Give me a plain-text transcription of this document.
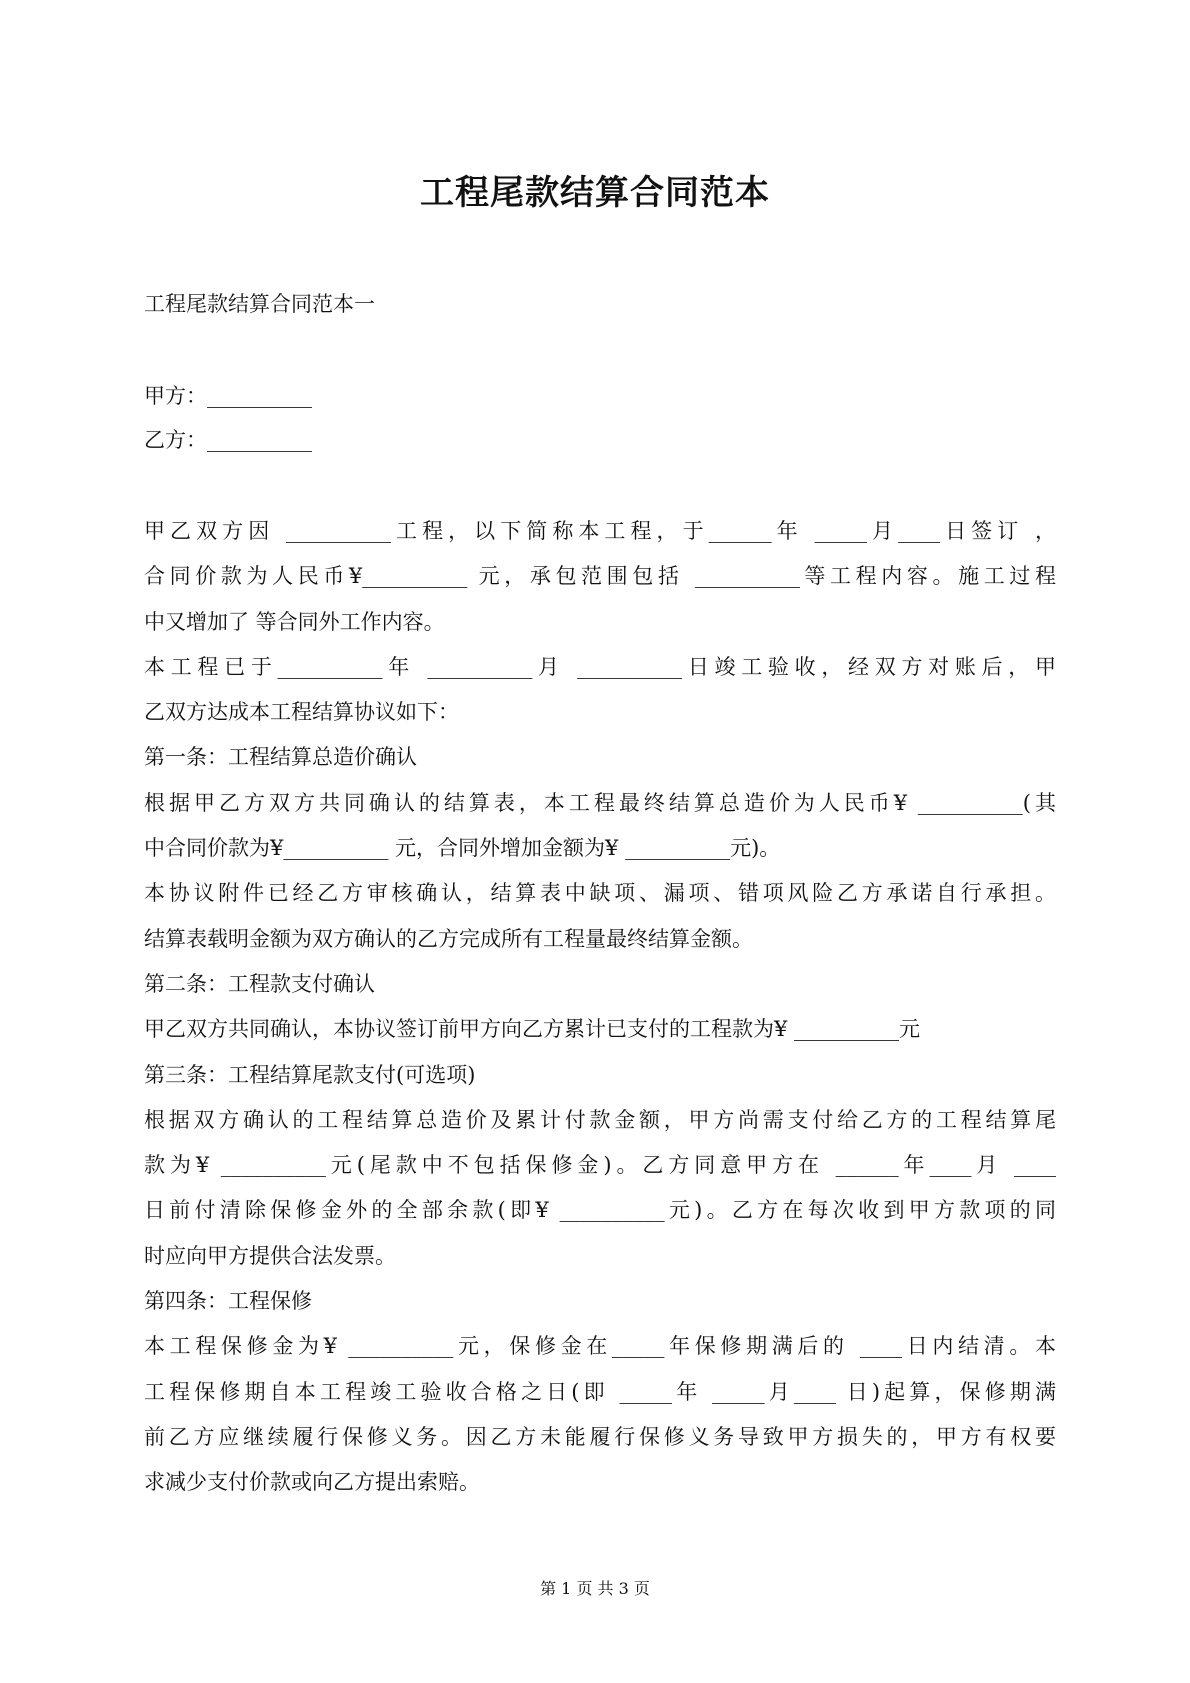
工程尾款结算合同范本
工程尾款结算合同范本一
甲方：__________
乙方：__________
甲乙双方因 __________工程，以下简称本工程，于______年 _____月____日签订 ，
合同价款为人民币¥__________ 元，承包范围包括 __________等工程内容。施工过程
中又增加了 等合同外工作内容。
本工程已于__________年 __________月 __________日竣工验收，经双方对账后，甲
乙双方达成本工程结算协议如下：
第一条：工程结算总造价确认
根据甲乙方双方共同确认的结算表，本工程最终结算总造价为人民币¥ __________(其
中合同价款为¥__________ 元，合同外增加金额为¥ __________元)。
本协议附件已经乙方审核确认，结算表中缺项、漏项、错项风险乙方承诺自行承担。
结算表载明金额为双方确认的乙方完成所有工程量最终结算金额。
第二条：工程款支付确认
甲乙双方共同确认，本协议签订前甲方向乙方累计已支付的工程款为¥ __________元
第三条：工程结算尾款支付(可选项)
根据双方确认的工程结算总造价及累计付款金额，甲方尚需支付给乙方的工程结算尾
款为¥ __________元(尾款中不包括保修金)。乙方同意甲方在 ______年____月 ____
日前付清除保修金外的全部余款(即¥ __________元)。乙方在每次收到甲方款项的同
时应向甲方提供合法发票。
第四条：工程保修
本工程保修金为¥ __________元，保修金在_____年保修期满后的 ____日内结清。本
工程保修期自本工程竣工验收合格之日(即 _____年 _____月____ 日)起算，保修期满
前乙方应继续履行保修义务。因乙方未能履行保修义务导致甲方损失的，甲方有权要
求减少支付价款或向乙方提出索赔。
第 1 页 共 3 页
